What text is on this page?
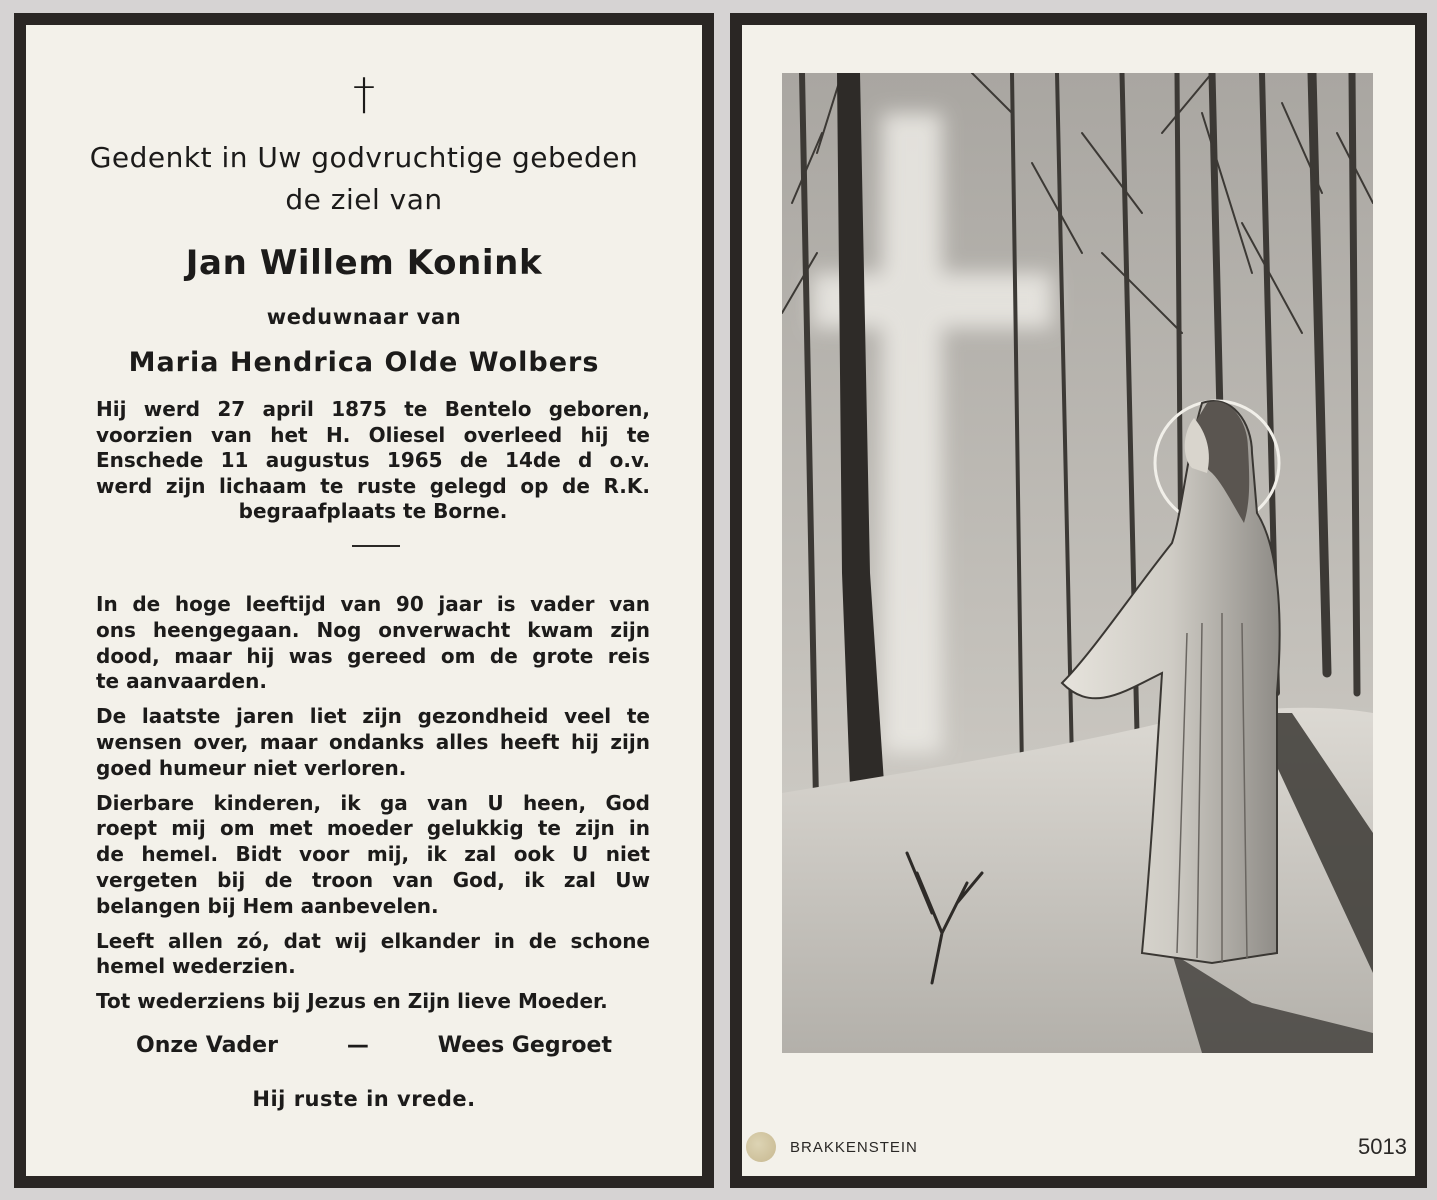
†
Gedenkt in Uw godvruchtige gebeden
de ziel van
Jan Willem Konink
weduwnaar van
Maria Hendrica Olde Wolbers

Hij werd 27 april 1875 te Bentelo geboren,

voorzien van het H. Oliesel overleed hij te

Enschede 11 augustus 1965 de 14de d o.v.

werd zijn lichaam te ruste gelegd op de R.K.

begraafplaats te Borne.

In de hoge leeftijd van 90 jaar is vader van
ons heengegaan. Nog onverwacht kwam zijn
dood, maar hij was gereed om de grote reis
te aanvaarden.
De laatste jaren liet zijn gezondheid veel te
wensen over, maar ondanks alles heeft hij zijn
goed humeur niet verloren.
Dierbare kinderen, ik ga van U heen, God
roept mij om met moeder gelukkig te zijn in
de hemel. Bidt voor mij, ik zal ook U niet
vergeten bij de troon van God, ik zal Uw
belangen bij Hem aanbevelen.
Leeft allen zó, dat wij elkander in de schone
hemel wederzien.
Tot wederziens bij Jezus en Zijn lieve Moeder.
Onze Vader	—	Wees Gegroet
Hij ruste in vrede.
BRAKKENSTEIN	5013
